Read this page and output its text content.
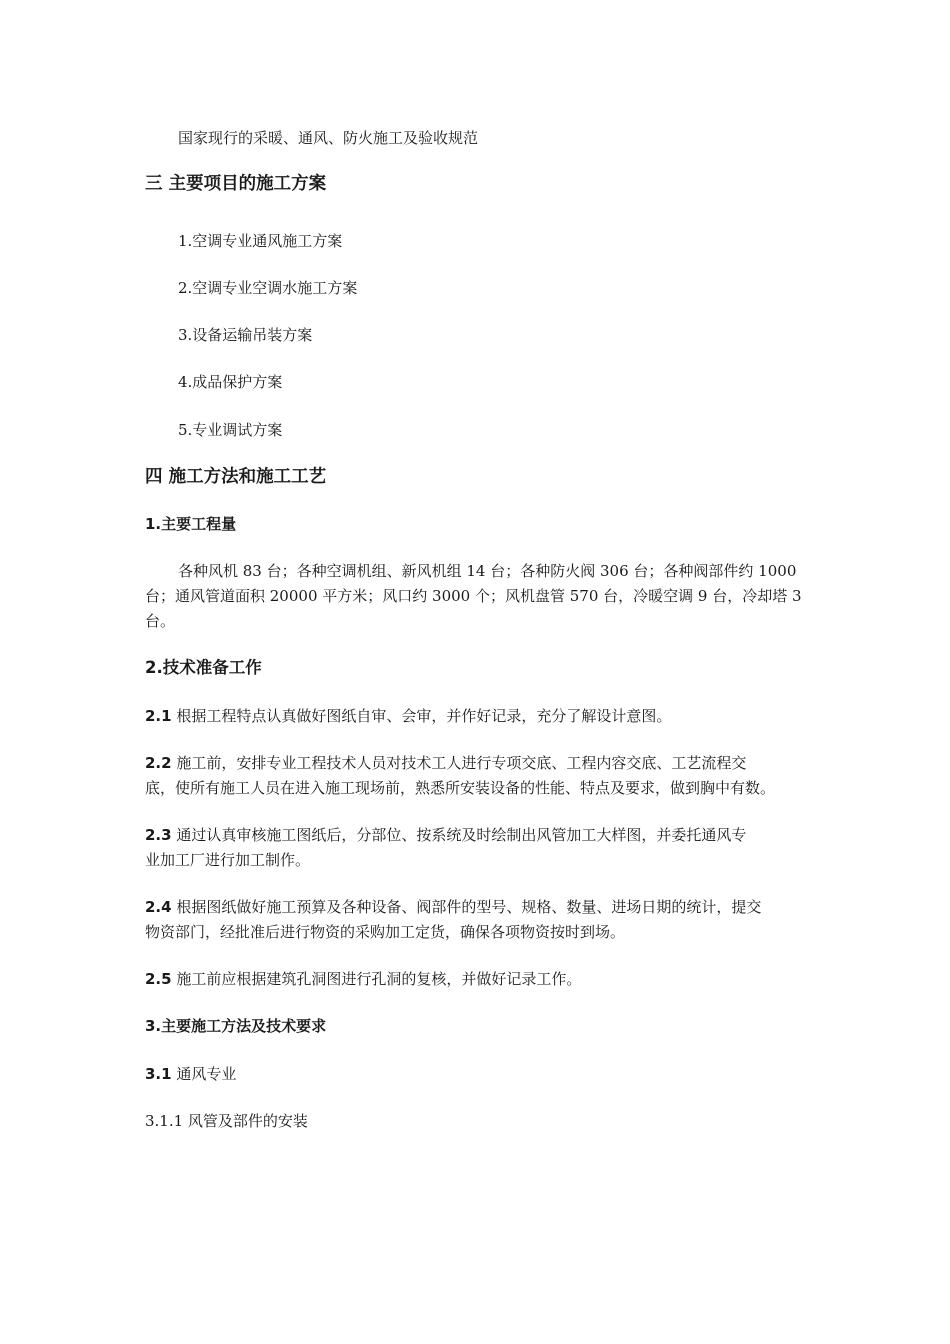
国家现行的采暖、通风、防火施工及验收规范
三 主要项目的施工方案
1.空调专业通风施工方案
2.空调专业空调水施工方案
3.设备运输吊装方案
4.成品保护方案
5.专业调试方案
四 施工方法和施工工艺
1.主要工程量
各种风机 83 台；各种空调机组、新风机组 14 台；各种防火阀 306 台；各种阀部件约 1000
台；通风管道面积 20000 平方米；风口约 3000 个；风机盘管 570 台，冷暖空调 9 台，冷却塔 3
台。
2.技术准备工作
2.1 根据工程特点认真做好图纸自审、会审，并作好记录，充分了解设计意图。
2.2 施工前，安排专业工程技术人员对技术工人进行专项交底、工程内容交底、工艺流程交
底，使所有施工人员在进入施工现场前，熟悉所安装设备的性能、特点及要求，做到胸中有数。
2.3 通过认真审核施工图纸后，分部位、按系统及时绘制出风管加工大样图，并委托通风专
业加工厂进行加工制作。
2.4 根据图纸做好施工预算及各种设备、阀部件的型号、规格、数量、进场日期的统计，提交
物资部门，经批准后进行物资的采购加工定货，确保各项物资按时到场。
2.5 施工前应根据建筑孔洞图进行孔洞的复核，并做好记录工作。
3.主要施工方法及技术要求
3.1 通风专业
3.1.1 风管及部件的安装
